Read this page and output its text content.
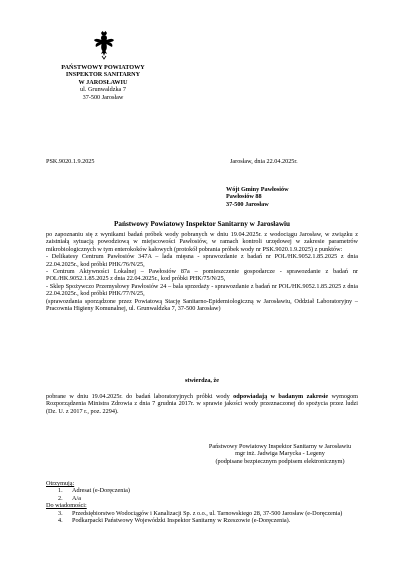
PAŃSTWOWY POWIATOWY
INSPEKTOR SANITARNY
W JAROSŁAWIU
ul. Grunwaldzka 7
37-500 Jarosław
PSK.9020.1.9.2025	Jarosław, dnia 22.04.2025r.
Wójt Gminy Pawłosiów
Pawłosiów 88
37-500 Jarosław
Państwowy Powiatowy Inspektor Sanitarny w Jarosławiu
po zapoznaniu się z wynikami badań próbek wody pobranych w dniu 19.04.2025r. z wodociągu Jarosław, w związku z zaistniałą sytuacją powodziową w miejscowości Pawłosiów, w ramach kontroli urzędowej w zakresie parametrów mikrobiologicznych w tym enterokoków kałowych (protokół pobrania próbek wody nr PSK.9020.1.9.2025) z punktów:
- Delikatesy Centrum Pawłosiów 347A – lada mięsna - sprawozdanie z badań nr POL/HK.9052.1.85.2025 z dnia 22.04.2025r., kod próbki PHK/76/N/25,
- Centrum Aktywności Lokalnej – Pawłosiów 87a – pomieszczenie gospodarcze - sprawozdanie z badań nr POL/HK.9052.1.85.2025 z dnia 22.04.2025r., kod próbki PHK/75/N/25,
- Sklep Spożywczo Przemysłowy Pawłosiów 24 – bala sprzedaży - sprawozdanie z badań nr POL/HK.9052.1.85.2025 z dnia 22.04.2025r., kod próbki PHK/77/N/25,
(sprawozdania sporządzone przez Powiatową Stację Sanitarno-Epidemiologiczną w Jarosławiu, Oddział Laboratoryjny – Pracownia Higieny Komunalnej, ul. Grunwaldzka 7, 37-500 Jarosław)
stwierdza, że
pobrane w dniu 19.04.2025r. do badań laboratoryjnych próbki wody odpowiadają w badanym zakresie wymogom Rozporządzenia Ministra Zdrowia z dnia 7 grudnia 2017r. w sprawie jakości wody przeznaczonej do spożycia przez ludzi (Dz. U. z 2017 r., poz. 2294).
Państwowy Powiatowy Inspektor Sanitarny w Jarosławiu
mgr inż. Jadwiga Marycka - Legeny
(podpisane bezpiecznym podpisem elektronicznym)
Otrzymują:
1. Adresat (e-Doręczenia)
2. A/a
Do wiadomości:
3. Przedsiębiorstwo Wodociągów i Kanalizacji Sp. z o.o., ul. Tarnowskiego 28, 37-500 Jarosław (e-Doręczenia)
4. Podkarpacki Państwowy Wojewódzki Inspektor Sanitarny w Rzeszowie (e-Doręczenia).
